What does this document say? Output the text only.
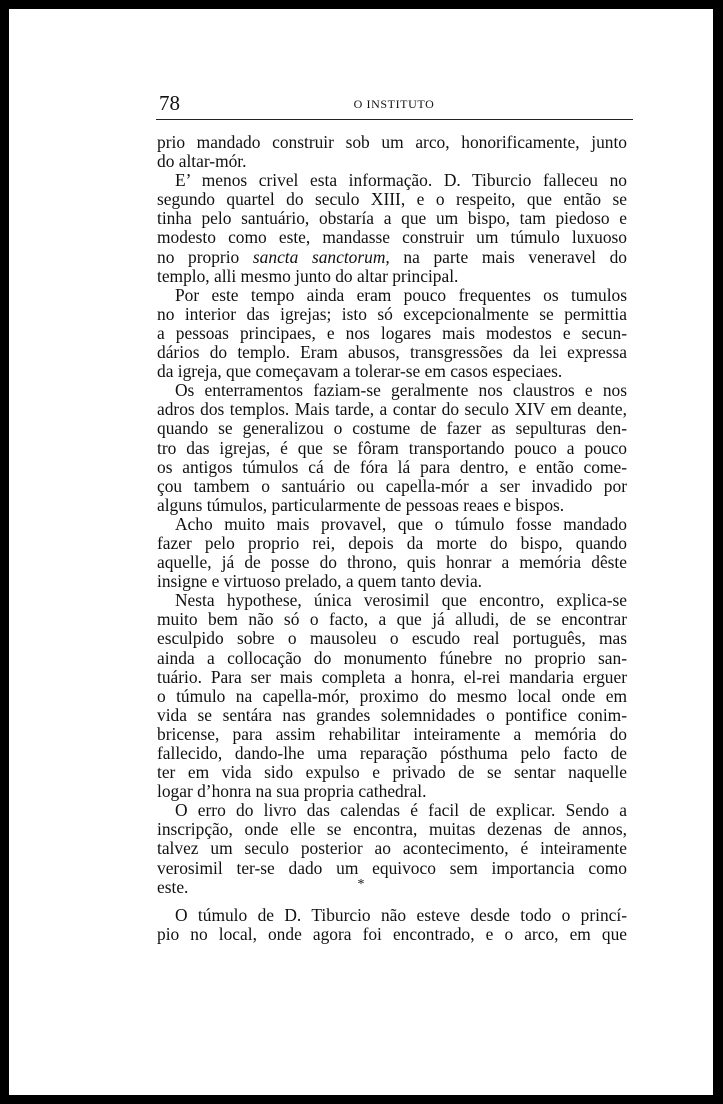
78	O INSTITUTO
prio mandado construir sob um arco, honorificamente, junto
do altar-mór.
E’ menos crivel esta informação. D. Tiburcio falleceu no
segundo quartel do seculo XIII, e o respeito, que então se
tinha pelo santuário, obstaría a que um bispo, tam piedoso e
modesto como este, mandasse construir um túmulo luxuoso
no proprio sancta sanctorum, na parte mais veneravel do
templo, alli mesmo junto do altar principal.
Por este tempo ainda eram pouco frequentes os tumulos
no interior das igrejas; isto só excepcionalmente se permittia
a pessoas principaes, e nos logares mais modestos e secun-
dários do templo. Eram abusos, transgressões da lei expressa
da igreja, que começavam a tolerar-se em casos especiaes.
Os enterramentos faziam-se geralmente nos claustros e nos
adros dos templos. Mais tarde, a contar do seculo XIV em deante,
quando se generalizou o costume de fazer as sepulturas den-
tro das igrejas, é que se fôram transportando pouco a pouco
os antigos túmulos cá de fóra lá para dentro, e então come-
çou tambem o santuário ou capella-mór a ser invadido por
alguns túmulos, particularmente de pessoas reaes e bispos.
Acho muito mais provavel, que o túmulo fosse mandado
fazer pelo proprio rei, depois da morte do bispo, quando
aquelle, já de posse do throno, quis honrar a memória dêste
insigne e virtuoso prelado, a quem tanto devia.
Nesta hypothese, única verosimil que encontro, explica-se
muito bem não só o facto, a que já alludi, de se encontrar
esculpido sobre o mausoleu o escudo real português, mas
ainda a collocação do monumento fúnebre no proprio san-
tuário. Para ser mais completa a honra, el-rei mandaria erguer
o túmulo na capella-mór, proximo do mesmo local onde em
vida se sentára nas grandes solemnidades o pontifice conim-
bricense, para assim rehabilitar inteiramente a memória do
fallecido, dando-lhe uma reparação pósthuma pelo facto de
ter em vida sido expulso e privado de se sentar naquelle
logar d’honra na sua propria cathedral.
O erro do livro das calendas é facil de explicar. Sendo a
inscripção, onde elle se encontra, muitas dezenas de annos,
talvez um seculo posterior ao acontecimento, é inteiramente
verosimil ter-se dado um equivoco sem importancia como
este.	*
O túmulo de D. Tiburcio não esteve desde todo o princí-
pio no local, onde agora foi encontrado, e o arco, em que
